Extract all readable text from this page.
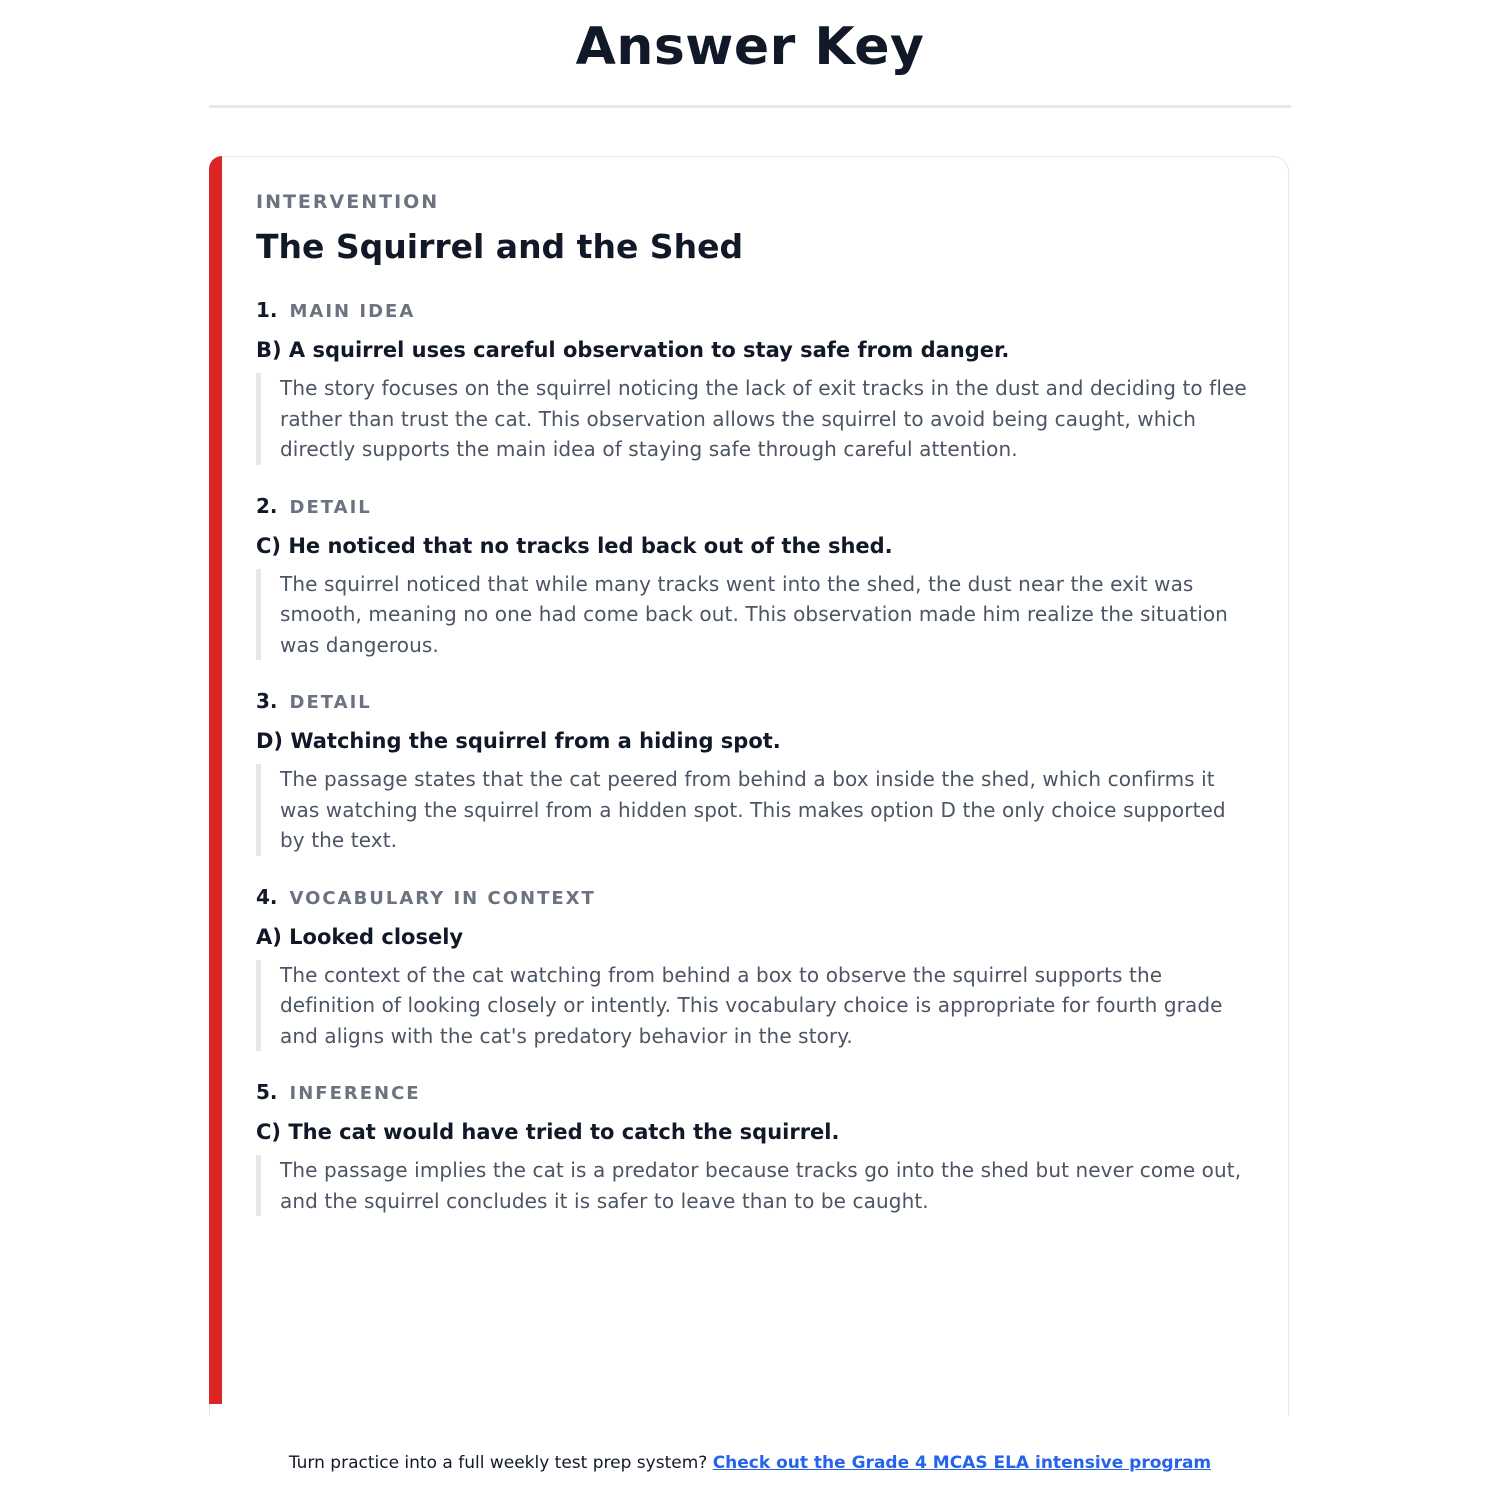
Answer Key

INTERVENTION

The Squirrel and the Shed
1. MAIN IDEA
B) A squirrel uses careful observation to stay safe from danger.
The story focuses on the squirrel noticing the lack of exit tracks in the dust and deciding to flee rather than trust the cat. This observation allows the squirrel to avoid being caught, which directly supports the main idea of staying safe through careful attention.
2. DETAIL
C) He noticed that no tracks led back out of the shed.
The squirrel noticed that while many tracks went into the shed, the dust near the exit was smooth, meaning no one had come back out. This observation made him realize the situation was dangerous.
3. DETAIL
D) Watching the squirrel from a hiding spot.
The passage states that the cat peered from behind a box inside the shed, which confirms it was watching the squirrel from a hidden spot. This makes option D the only choice supported by the text.
4. VOCABULARY IN CONTEXT
A) Looked closely
The context of the cat watching from behind a box to observe the squirrel supports the definition of looking closely or intently. This vocabulary choice is appropriate for fourth grade and aligns with the cat's predatory behavior in the story.
5. INFERENCE
C) The cat would have tried to catch the squirrel.
The passage implies the cat is a predator because tracks go into the shed but never come out, and the squirrel concludes it is safer to leave than to be caught.
Turn practice into a full weekly test prep system? Check out the Grade 4 MCAS ELA intensive program
